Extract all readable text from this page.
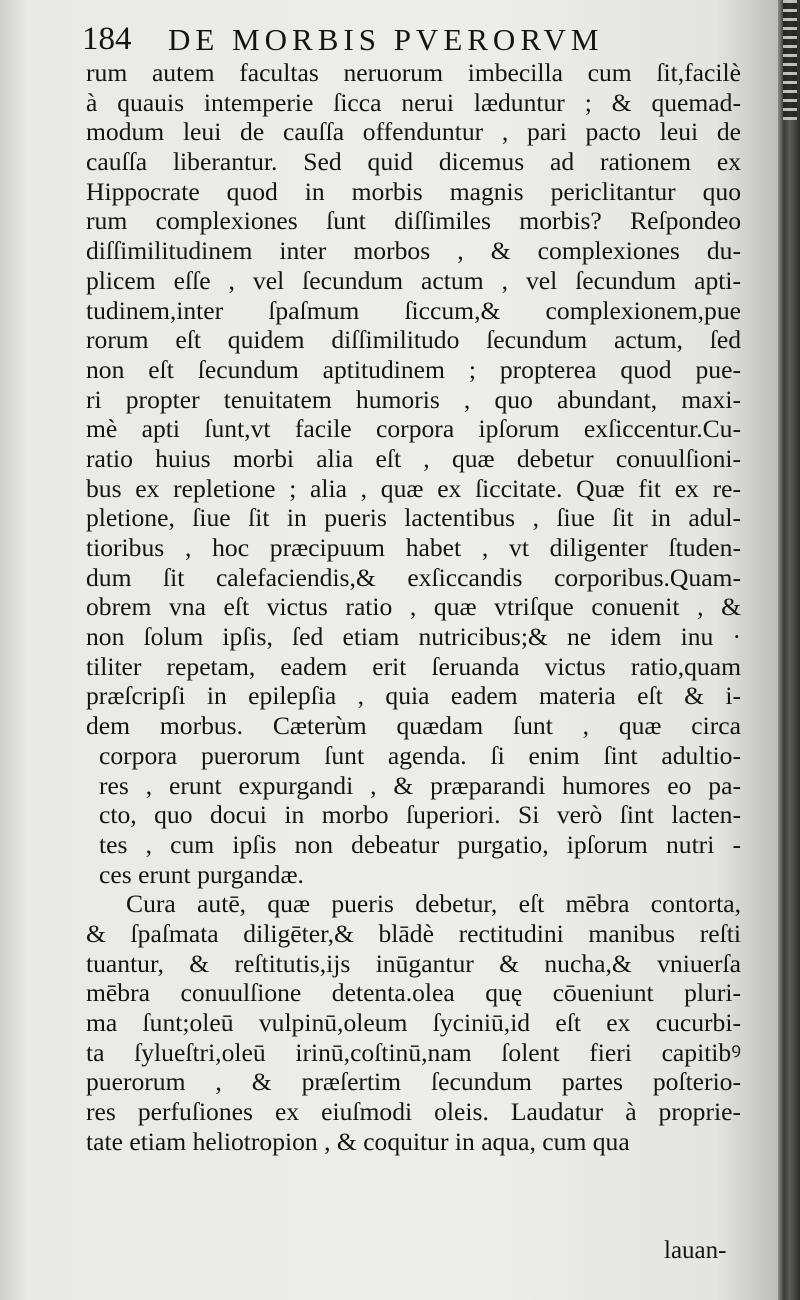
184	DE MORBIS PVERORVM
rum autem facultas neruorum imbecilla cum ſit,facilè
à quauis intemperie ſicca nerui læduntur ; & quemad-
modum leui de cauſſa offenduntur , pari pacto leui de
cauſſa liberantur. Sed quid dicemus ad rationem ex
Hippocrate quod in morbis magnis periclitantur quo
rum complexiones ſunt diſſimiles morbis? Reſpondeo
diſſimilitudinem inter morbos , & complexiones du-
plicem eſſe , vel ſecundum actum , vel ſecundum apti-
tudinem,inter ſpaſmum ſiccum,& complexionem,pue
rorum eſt quidem diſſimilitudo ſecundum actum, ſed
non eſt ſecundum aptitudinem ; propterea quod pue-
ri propter tenuitatem humoris , quo abundant, maxi-
mè apti ſunt,vt facile corpora ipſorum exſiccentur.Cu-
ratio huius morbi alia eſt , quæ debetur conuulſioni-
bus ex repletione ; alia , quæ ex ſiccitate. Quæ fit ex re-
pletione, ſiue ſit in pueris lactentibus , ſiue ſit in adul-
tioribus , hoc præcipuum habet , vt diligenter ſtuden-
dum ſit calefaciendis,& exſiccandis corporibus.Quam-
obrem vna eſt victus ratio , quæ vtriſque conuenit , &
non ſolum ipſis, ſed etiam nutricibus;& ne idem inu ·
tiliter repetam, eadem erit ſeruanda victus ratio,quam
præſcripſi in epilepſia , quia eadem materia eſt & i-
dem morbus. Cæterùm quædam ſunt , quæ circa
corpora puerorum ſunt agenda. ſi enim ſint adultio-
res , erunt expurgandi , & præparandi humores eo pa-
cto, quo docui in morbo ſuperiori. Si verò ſint lacten-
tes , cum ipſis non debeatur purgatio, ipſorum nutri -
ces erunt purgandæ.
Cura autē, quæ pueris debetur, eſt mēbra contorta,
& ſpaſmata diligēter,& blādè rectitudini manibus reſti
tuantur, & reſtitutis,ijs inūgantur & nucha,& vniuerſa
mēbra conuulſione detenta.olea quę cōueniunt pluri-
ma ſunt;oleū vulpinū,oleum ſyciniū,id eſt ex cucurbi-
ta ſylueſtri,oleū irinū,coſtinū,nam ſolent fieri capitibꝰ
puerorum , & præſertim ſecundum partes poſterio-
res perfuſiones ex eiuſmodi oleis. Laudatur à proprie-
tate etiam heliotropion , & coquitur in aqua, cum qua
lauan-
